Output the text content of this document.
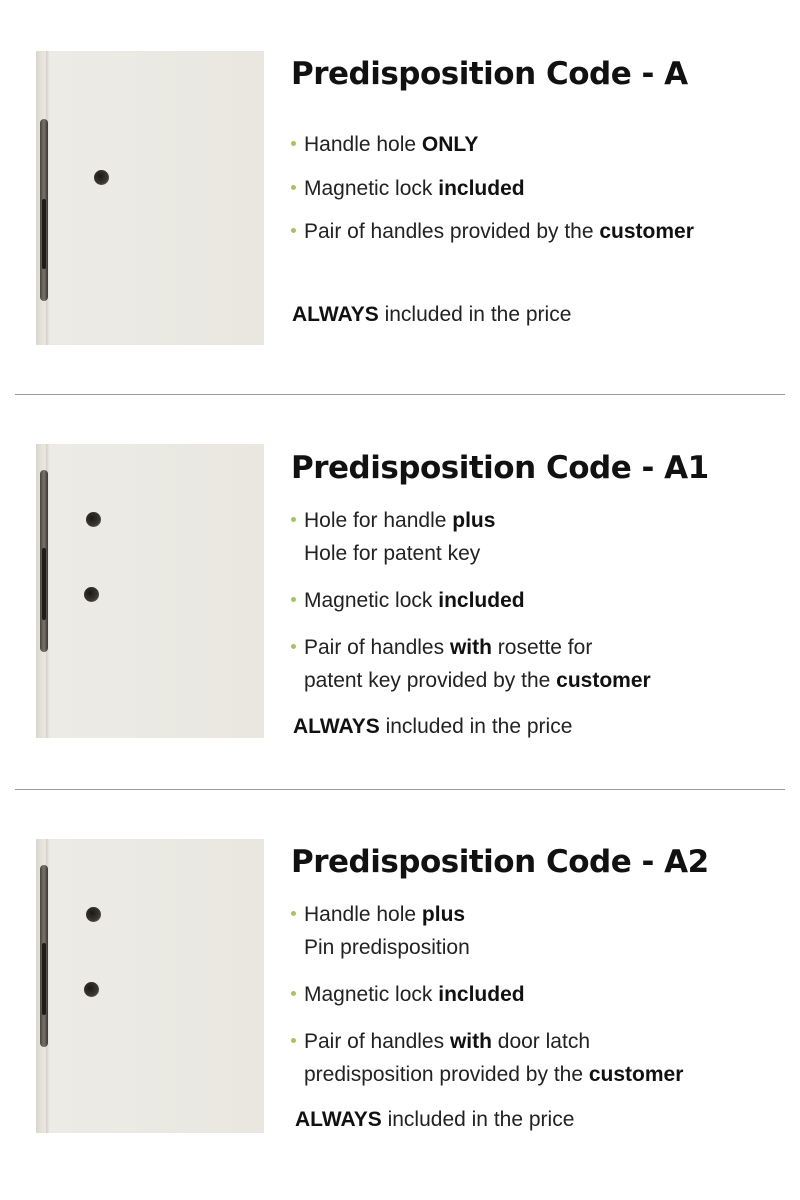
Predisposition Code - A
Handle hole ONLY
Magnetic lock included
Pair of handles provided by the customer
ALWAYS included in the price
Predisposition Code - A1
Hole for handle plus
Hole for patent key
Magnetic lock included
Pair of handles with rosette for
patent key provided by the customer
ALWAYS included in the price
Predisposition Code - A2
Handle hole plus
Pin predisposition
Magnetic lock included
Pair of handles with door latch
predisposition provided by the customer
ALWAYS included in the price
